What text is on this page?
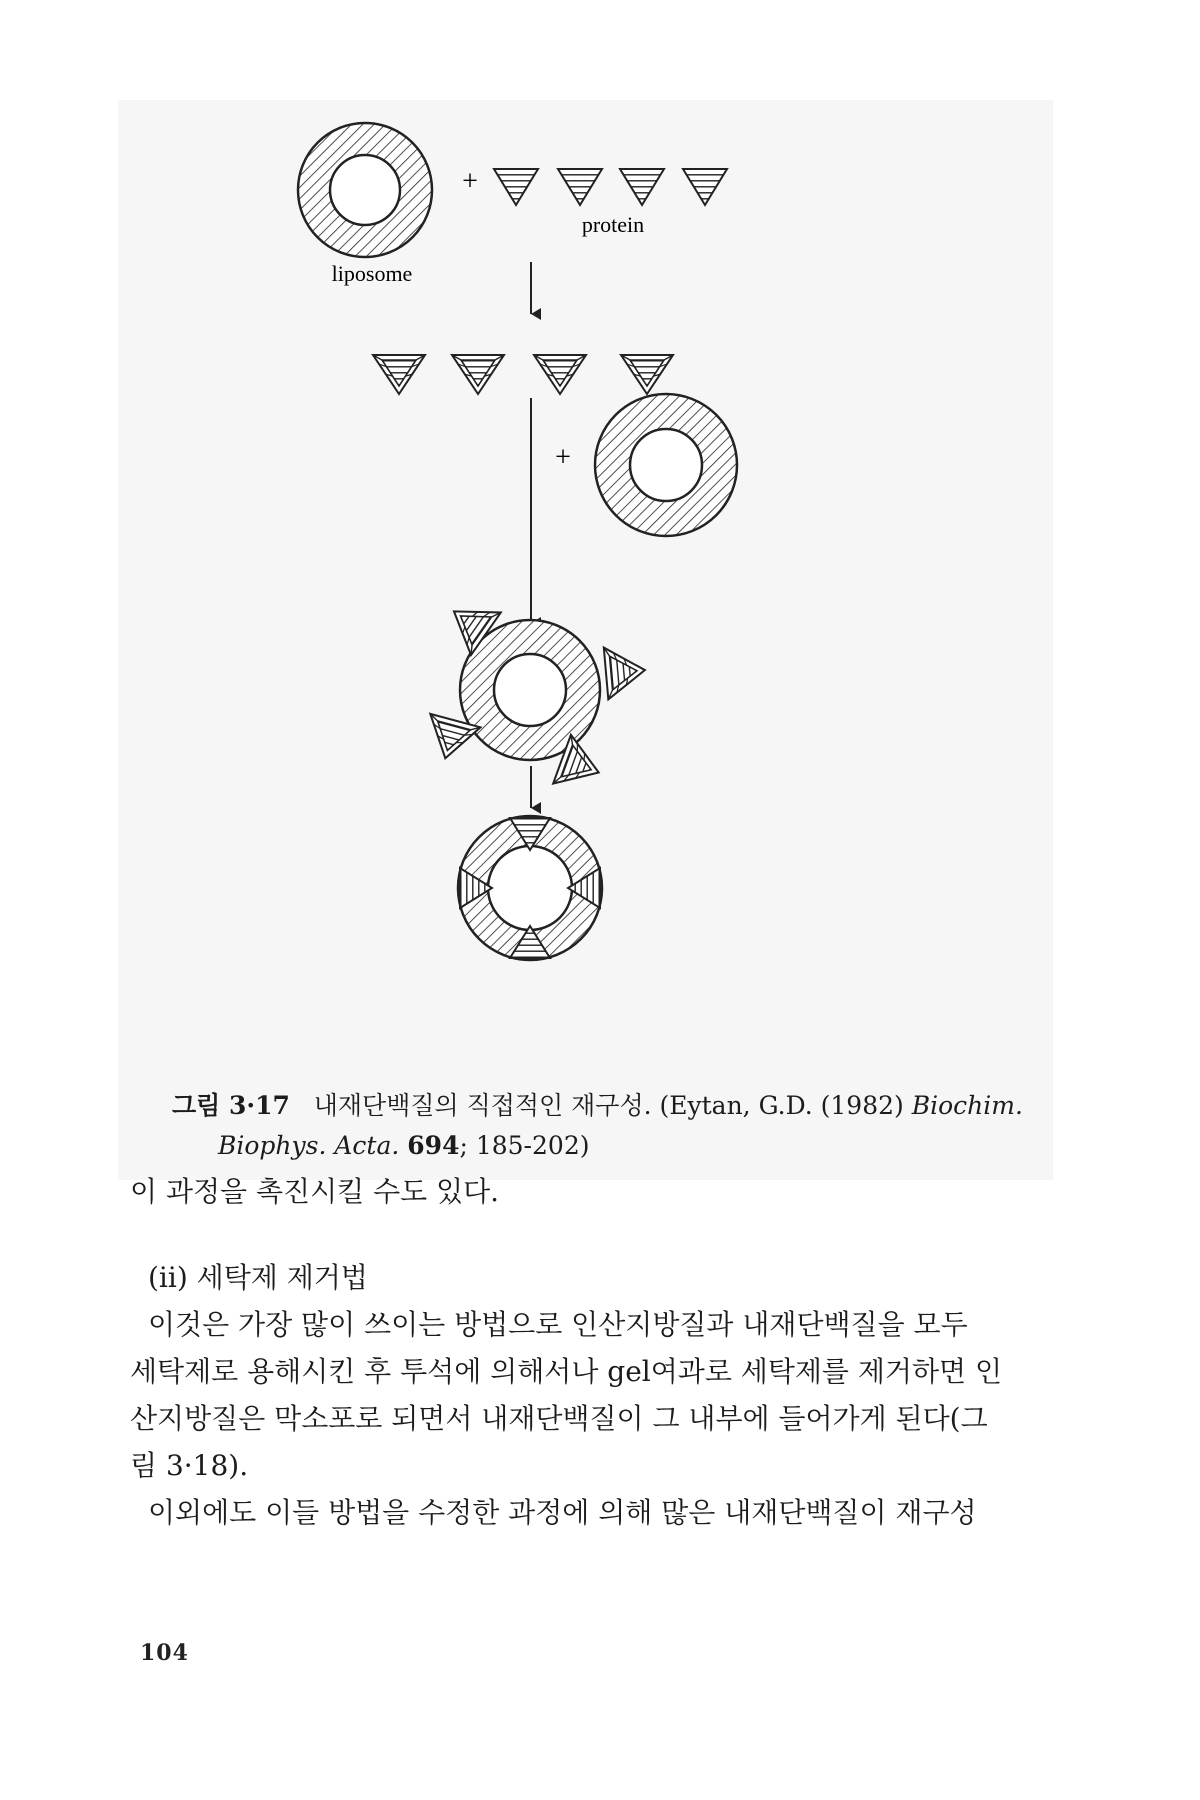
+
protein
liposome
+
그림 3·17 내재단백질의 직접적인 재구성. (Eytan, G.D. (1982) Biochim.
Biophys. Acta. 694; 185-202)
이 과정을 촉진시킬 수도 있다.
(ⅱ) 세탁제 제거법
이것은 가장 많이 쓰이는 방법으로 인산지방질과 내재단백질을 모두
세탁제로 용해시킨 후 투석에 의해서나 gel여과로 세탁제를 제거하면 인
산지방질은 막소포로 되면서 내재단백질이 그 내부에 들어가게 된다(그
림 3·18).
이외에도 이들 방법을 수정한 과정에 의해 많은 내재단백질이 재구성
104
